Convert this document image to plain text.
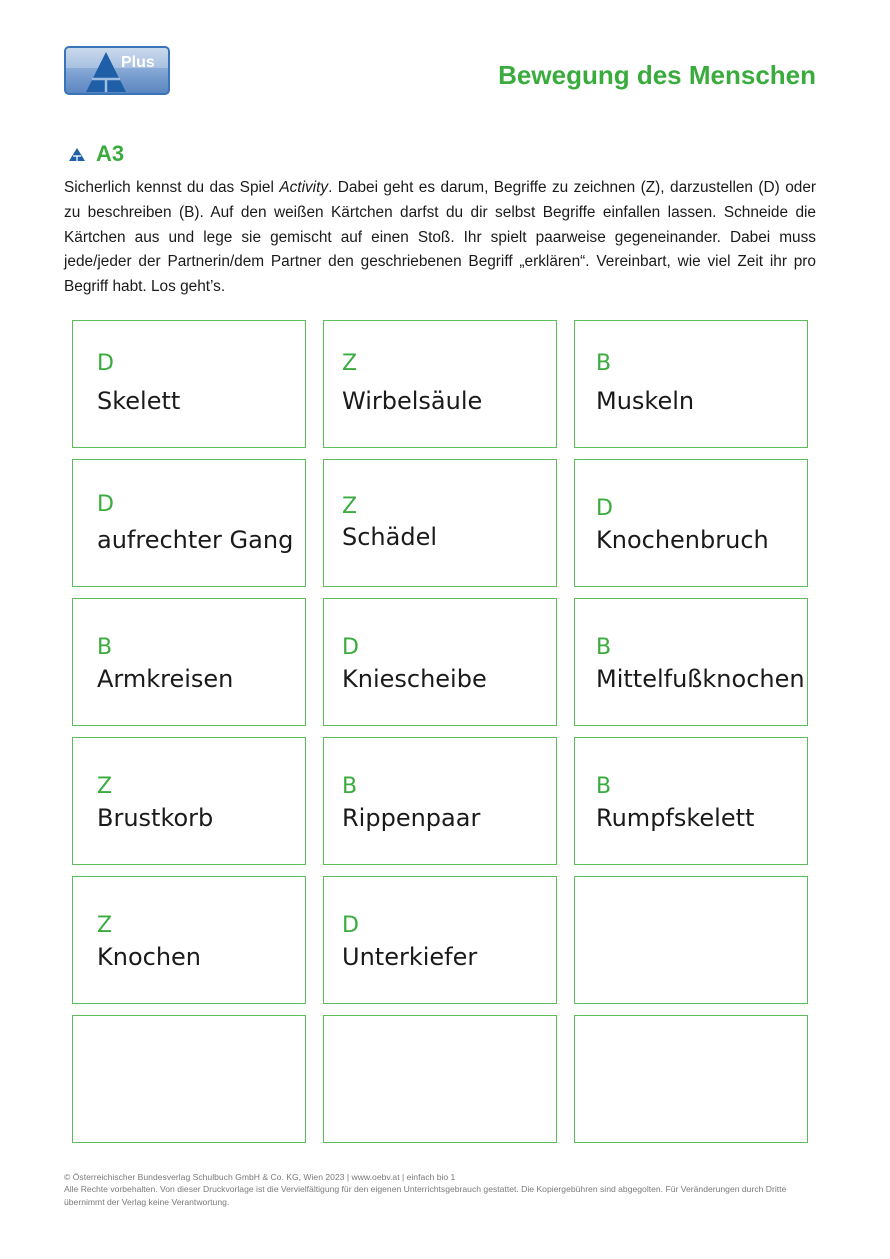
Plus	Bewegung des Menschen
A3

Sicherlich kennst du das Spiel Activity. Dabei geht es darum, Begriffe zu zeichnen (Z), darzustellen (D) oder zu beschreiben (B). Auf den weißen Kärtchen darfst du dir selbst Begriffe einfallen lassen. Schneide die Kärtchen aus und lege sie gemischt auf einen Stoß. Ihr spielt paarweise gegeneinander. Dabei muss jede/jeder der Partnerin/dem Partner den geschriebenen Begriff „erklären“. Vereinbart, wie viel Zeit ihr pro Begriff habt. Los geht’s.

D
Skelett
Z
Wirbelsäule
B
Muskeln
D
aufrechter Gang
Z
Schädel
D
Knochenbruch
B
Armkreisen
D
Kniescheibe
B
Mittelfußknochen
Z
Brustkorb
B
Rippenpaar
B
Rumpfskelett
Z
Knochen
D
Unterkiefer
© Österreichischer Bundesverlag Schulbuch GmbH & Co. KG, Wien 2023 | www.oebv.at | einfach bio 1
Alle Rechte vorbehalten. Von dieser Druckvorlage ist die Vervielfältigung für den eigenen Unterrichtsgebrauch gestattet. Die Kopiergebühren sind abgegolten. Für Veränderungen durch Dritte übernimmt der Verlag keine Verantwortung.
